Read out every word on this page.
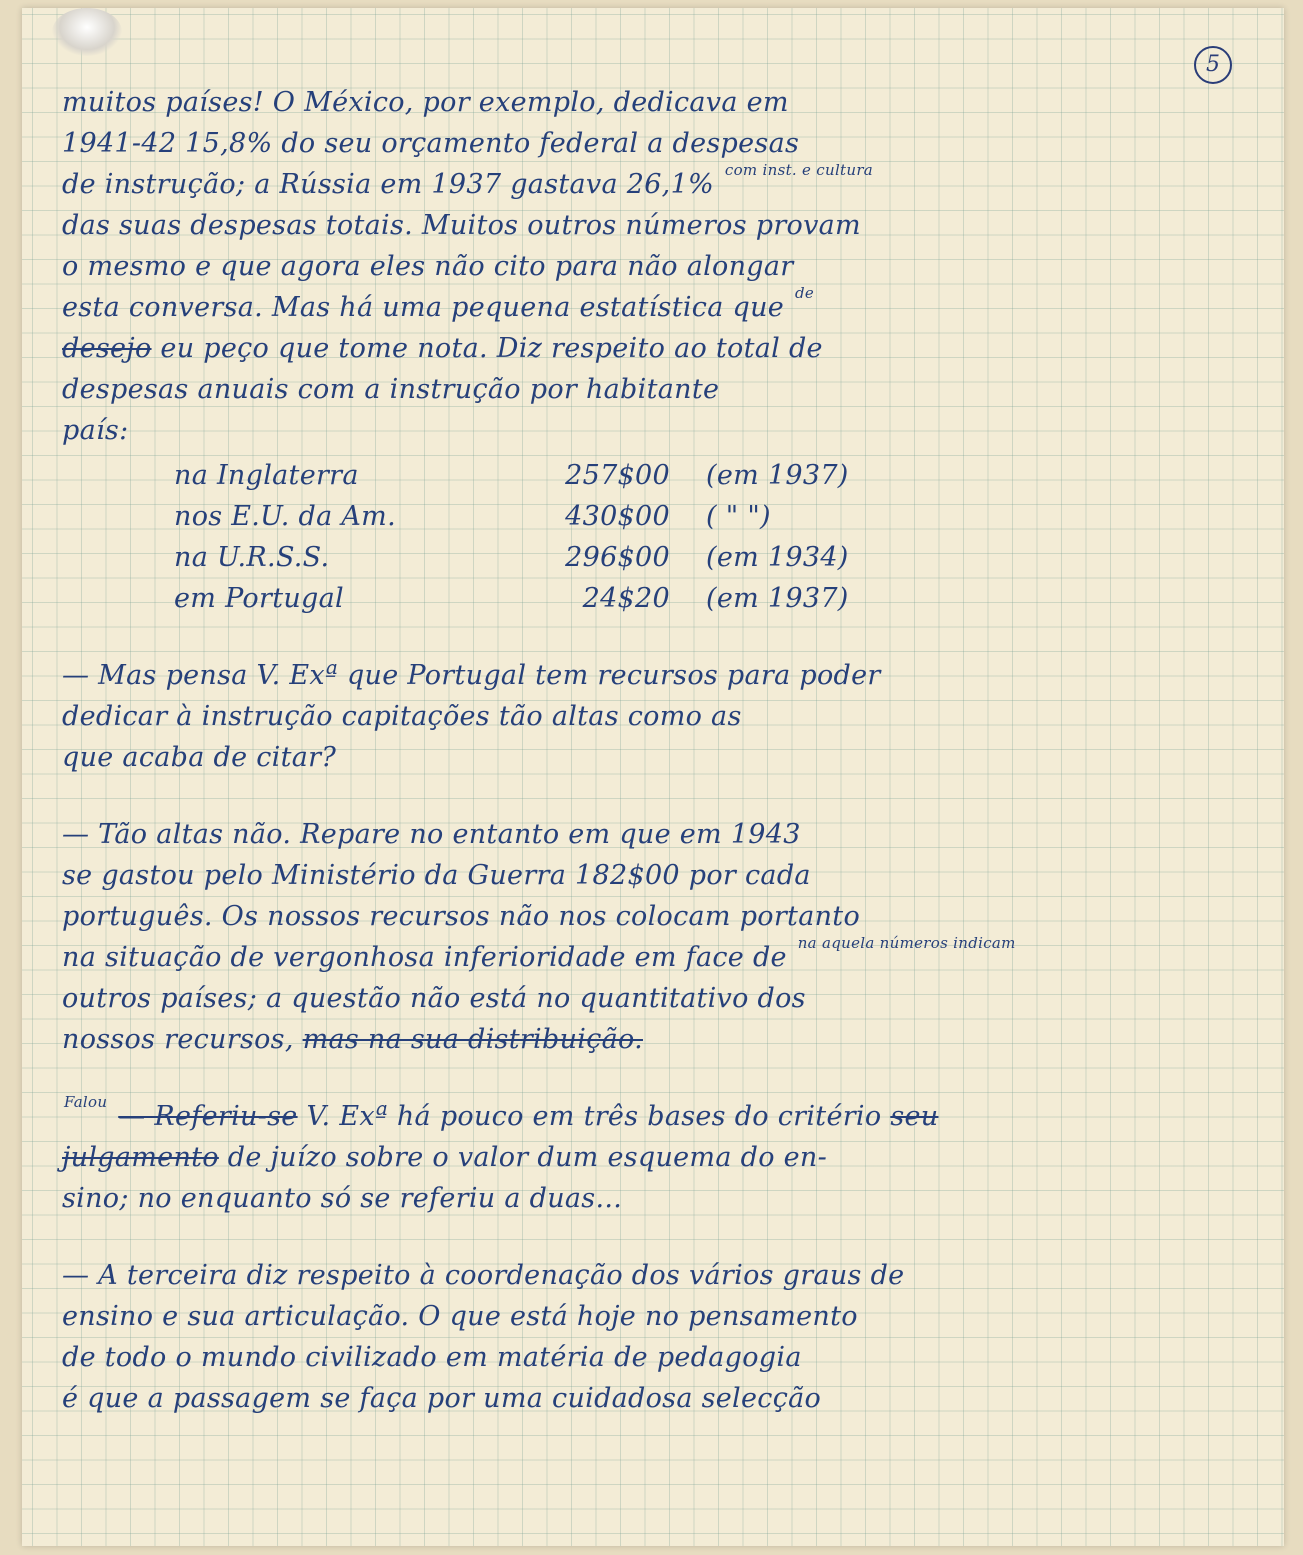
5
muitos países! O México, por exemplo, dedicava em
1941-42 15,8% do seu orçamento federal a despesas
de instrução; a Rússia em 1937 gastava 26,1% com inst. e cultura
das suas despesas totais. Muitos outros números provam
o mesmo e que agora eles não cito para não alongar
esta conversa. Mas há uma pequena estatística que de
desejo eu peço que tome nota. Diz respeito ao total de
despesas anuais com a instrução por habitante
país:
na Inglaterra	257$00	(em 1937)
nos E.U. da Am.	430$00	( " ")
na U.R.S.S.	296$00	(em 1934)
em Portugal	24$20	(em 1937)
— Mas pensa V. Exª que Portugal tem recursos para poder
dedicar à instrução capitações tão altas como as
que acaba de citar?
— Tão altas não. Repare no entanto em que em 1943
se gastou pelo Ministério da Guerra 182$00 por cada
português. Os nossos recursos não nos colocam portanto
na situação de vergonhosa inferioridade em face de na aquela números indicam
outros países; a questão não está no quantitativo dos
nossos recursos, mas na sua distribuição.
Falou — Referiu-se V. Exª há pouco em três bases do critério seu
julgamento de juízo sobre o valor dum esquema do en-
sino; no enquanto só se referiu a duas...
— A terceira diz respeito à coordenação dos vários graus de
ensino e sua articulação. O que está hoje no pensamento
de todo o mundo civilizado em matéria de pedagogia
é que a passagem se faça por uma cuidadosa selecção
